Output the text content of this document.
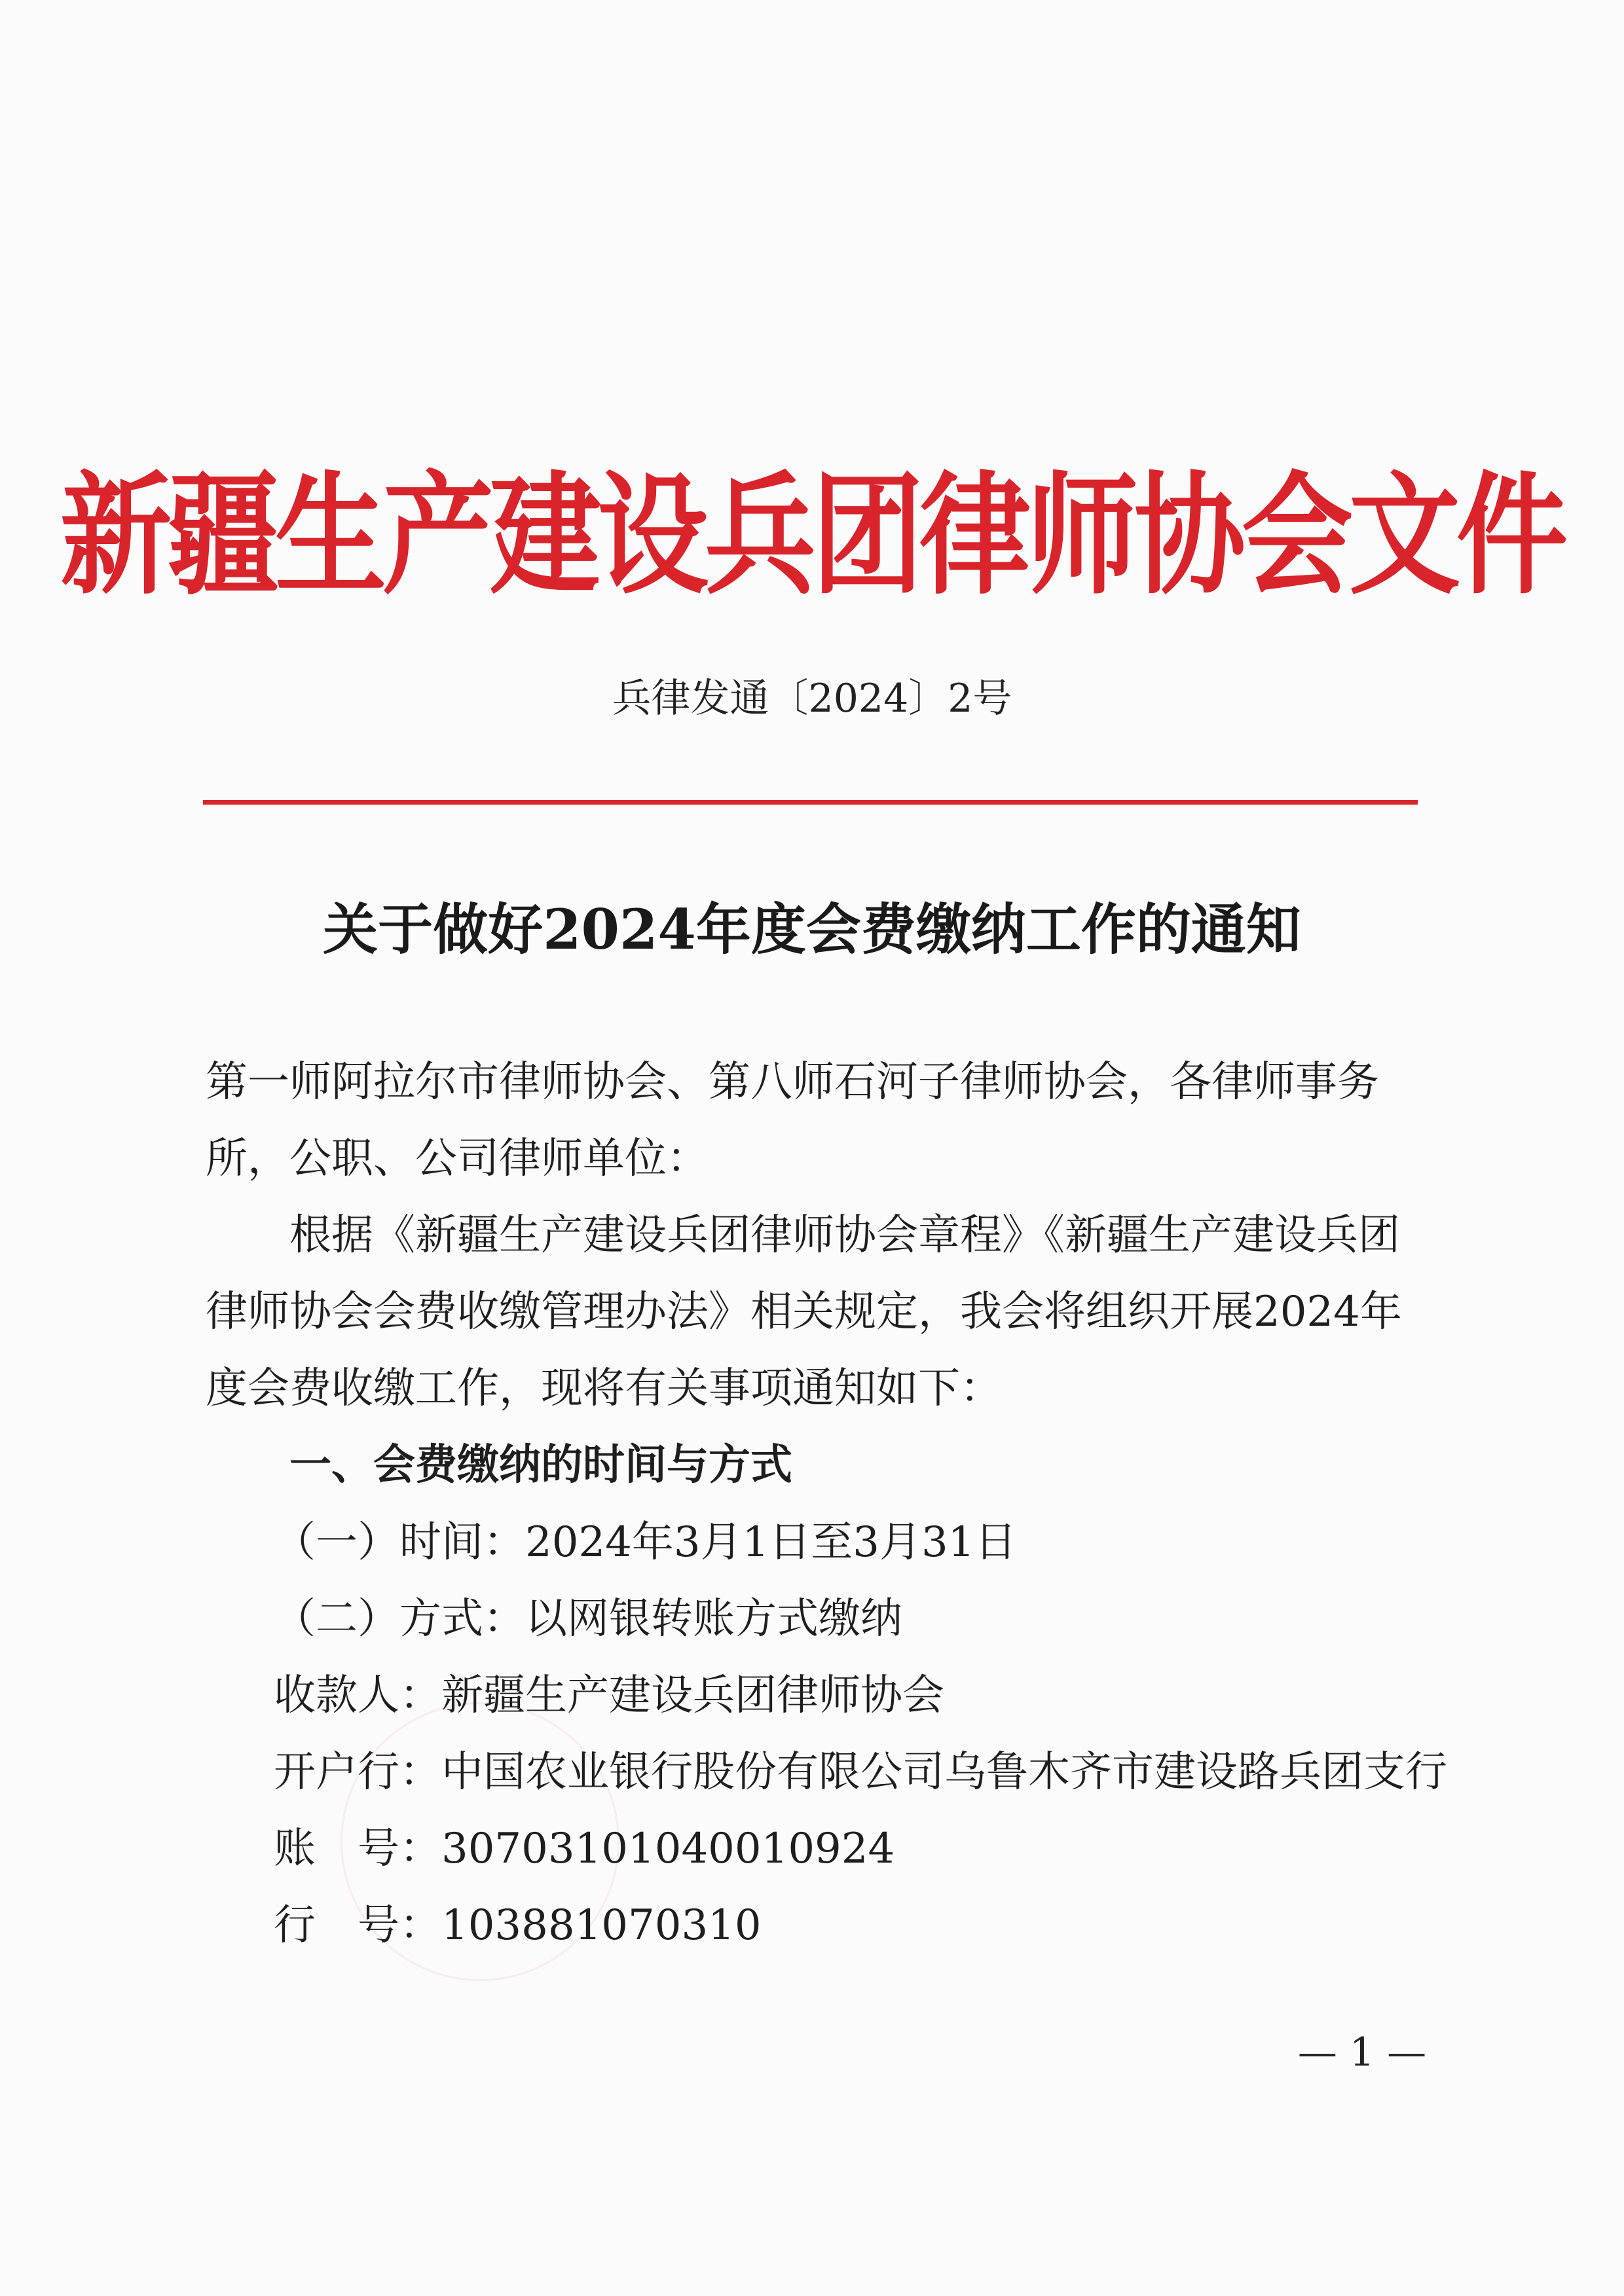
新疆生产建设兵团律师协会文件
兵律发通〔2024〕2号
关于做好2024年度会费缴纳工作的通知

第一师阿拉尔市律师协会、第八师石河子律师协会，各律师事务所，公职、公司律师单位：

根据《新疆生产建设兵团律师协会章程》《新疆生产建设兵团律师协会会费收缴管理办法》相关规定，我会将组织开展2024年度会费收缴工作，现将有关事项通知如下：

一、会费缴纳的时间与方式

（一）时间：2024年3月1日至3月31日
（二）方式：以网银转账方式缴纳
收款人：新疆生产建设兵团律师协会
开户行：中国农业银行股份有限公司乌鲁木齐市建设路兵团支行
账　号：30703101040010924
行　号：103881070310
— 1 —
